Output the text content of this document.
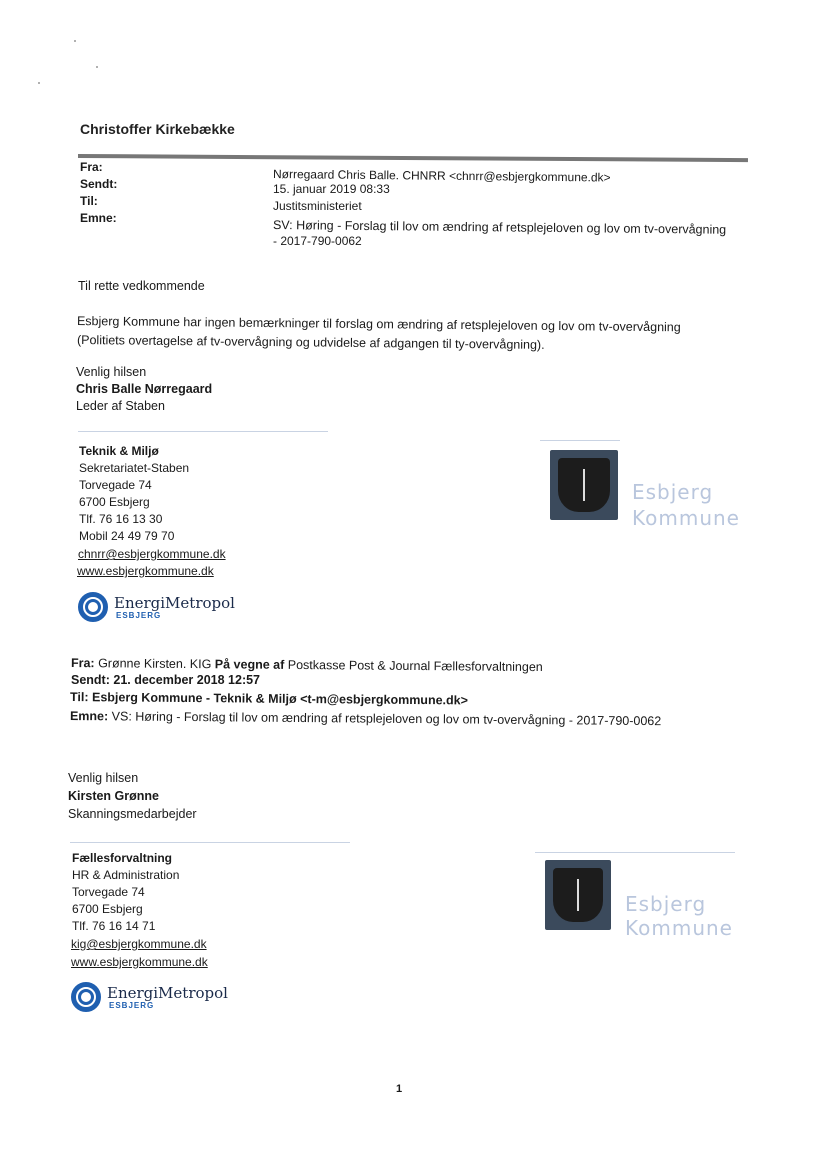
Christoffer Kirkebække
Fra:
Sendt:
Til:
Emne:
Nørregaard Chris Balle. CHNRR <chnrr@esbjergkommune.dk>
15. januar 2019 08:33
Justitsministeriet
SV: Høring - Forslag til lov om ændring af retsplejeloven og lov om tv-overvågning
- 2017-790-0062
Til rette vedkommende
Esbjerg Kommune har ingen bemærkninger til forslag om ændring af retsplejeloven og lov om tv-overvågning
(Politiets overtagelse af tv-overvågning og udvidelse af adgangen til ty-overvågning).
Venlig hilsen
Chris Balle Nørregaard
Leder af Staben
Teknik & Miljø
Sekretariatet-Staben
Torvegade 74
6700 Esbjerg
Tlf. 76 16 13 30
Mobil 24 49 79 70
chnrr@esbjergkommune.dk
www.esbjergkommune.dk
Esbjerg
Kommune
EnergiMetropol
ESBJERG
Fra: Grønne Kirsten. KIG På vegne af Postkasse Post & Journal Fællesforvaltningen
Sendt: 21. december 2018 12:57
Til: Esbjerg Kommune - Teknik & Miljø <t-m@esbjergkommune.dk>
Emne: VS: Høring - Forslag til lov om ændring af retsplejeloven og lov om tv-overvågning - 2017-790-0062
Venlig hilsen
Kirsten Grønne
Skanningsmedarbejder
Fællesforvaltning
HR & Administration
Torvegade 74
6700 Esbjerg
Tlf. 76 16 14 71
kig@esbjergkommune.dk
www.esbjergkommune.dk
Esbjerg
Kommune
EnergiMetropol
ESBJERG
1
